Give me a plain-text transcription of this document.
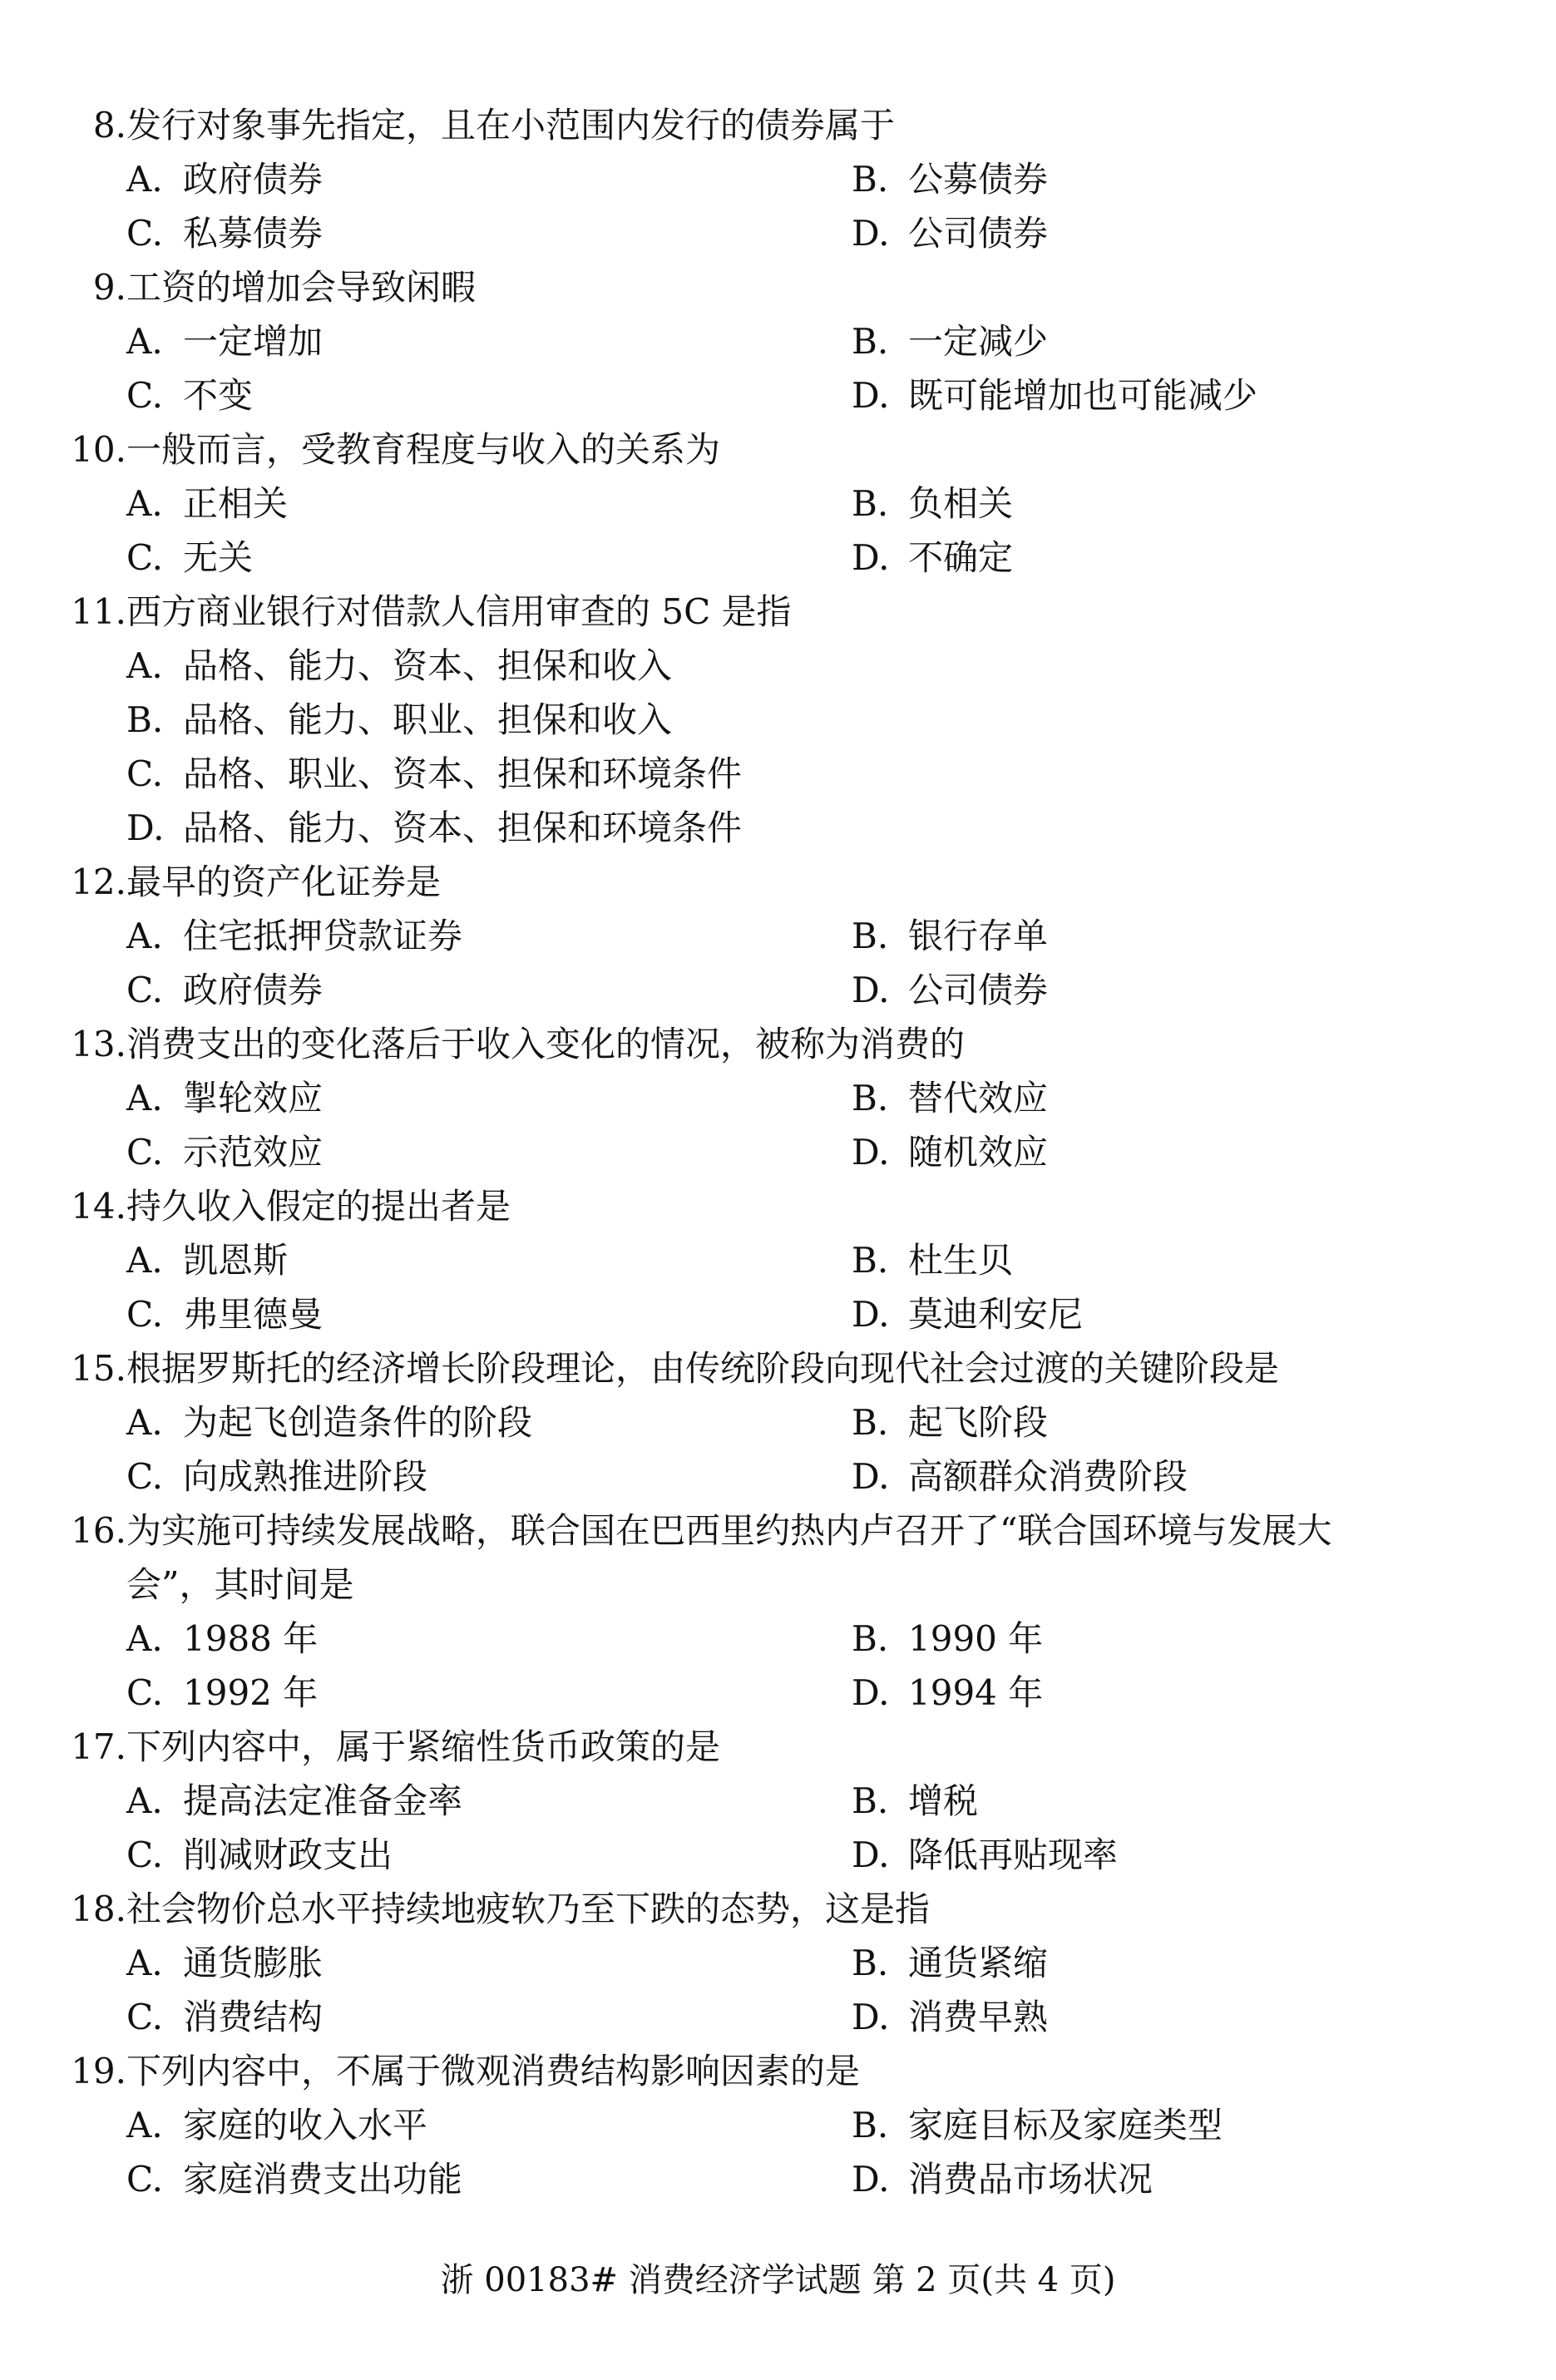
8. 发行对象事先指定，且在小范围内发行的债券属于
A. 政府债券	B. 公募债券
C. 私募债券	D. 公司债券
9. 工资的增加会导致闲暇
A. 一定增加	B. 一定减少
C. 不变	D. 既可能增加也可能减少
10. 一般而言，受教育程度与收入的关系为
A. 正相关	B. 负相关
C. 无关	D. 不确定
11. 西方商业银行对借款人信用审查的 5C 是指
A. 品格、能力、资本、担保和收入
B. 品格、能力、职业、担保和收入
C. 品格、职业、资本、担保和环境条件
D. 品格、能力、资本、担保和环境条件
12. 最早的资产化证券是
A. 住宅抵押贷款证券	B. 银行存单
C. 政府债券	D. 公司债券
13. 消费支出的变化落后于收入变化的情况，被称为消费的
A. 掣轮效应	B. 替代效应
C. 示范效应	D. 随机效应
14. 持久收入假定的提出者是
A. 凯恩斯	B. 杜生贝
C. 弗里德曼	D. 莫迪利安尼
15. 根据罗斯托的经济增长阶段理论，由传统阶段向现代社会过渡的关键阶段是
A. 为起飞创造条件的阶段	B. 起飞阶段
C. 向成熟推进阶段	D. 高额群众消费阶段
16. 为实施可持续发展战略，联合国在巴西里约热内卢召开了“联合国环境与发展大
会”，其时间是
A. 1988 年	B. 1990 年
C. 1992 年	D. 1994 年
17. 下列内容中，属于紧缩性货币政策的是
A. 提高法定准备金率	B. 增税
C. 削减财政支出	D. 降低再贴现率
18. 社会物价总水平持续地疲软乃至下跌的态势，这是指
A. 通货膨胀	B. 通货紧缩
C. 消费结构	D. 消费早熟
19. 下列内容中，不属于微观消费结构影响因素的是
A. 家庭的收入水平	B. 家庭目标及家庭类型
C. 家庭消费支出功能	D. 消费品市场状况
浙 00183# 消费经济学试题 第 2 页(共 4 页)
